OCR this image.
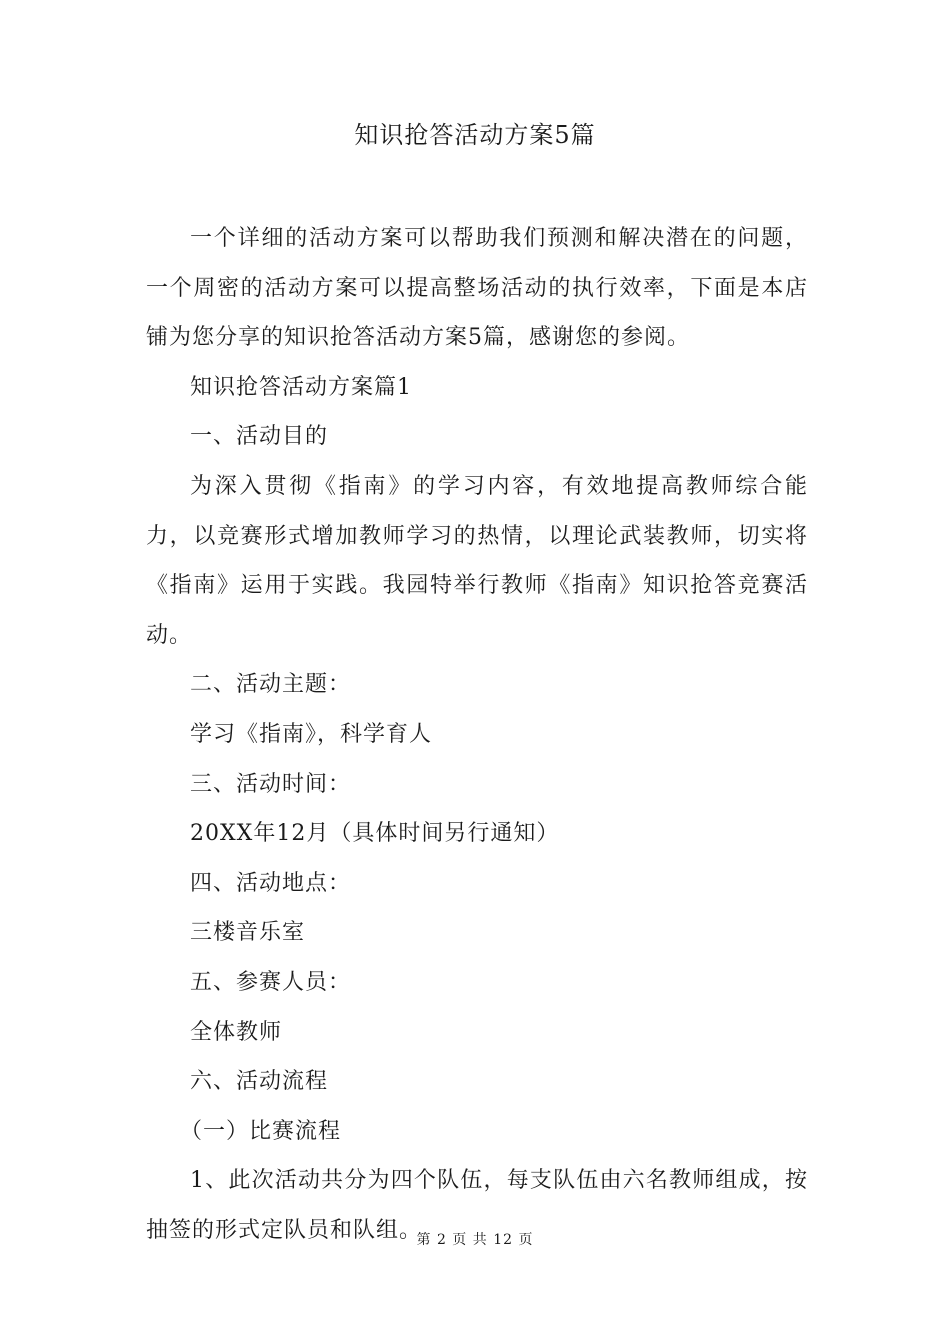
知识抢答活动方案5篇

一个详细的活动方案可以帮助我们预测和解决潜在的问题，一个周密的活动方案可以提高整场活动的执行效率，下面是本店铺为您分享的知识抢答活动方案5篇，感谢您的参阅。

知识抢答活动方案篇1

一、活动目的

为深入贯彻《指南》的学习内容，有效地提高教师综合能力，以竞赛形式增加教师学习的热情，以理论武装教师，切实将《指南》运用于实践。我园特举行教师《指南》知识抢答竞赛活动。

二、活动主题：

学习《指南》，科学育人

三、活动时间：

20XX年12月（具体时间另行通知）

四、活动地点：

三楼音乐室

五、参赛人员：

全体教师

六、活动流程

（一）比赛流程

1、此次活动共分为四个队伍，每支队伍由六名教师组成，按抽签的形式定队员和队组。

第 2 页 共 12 页
